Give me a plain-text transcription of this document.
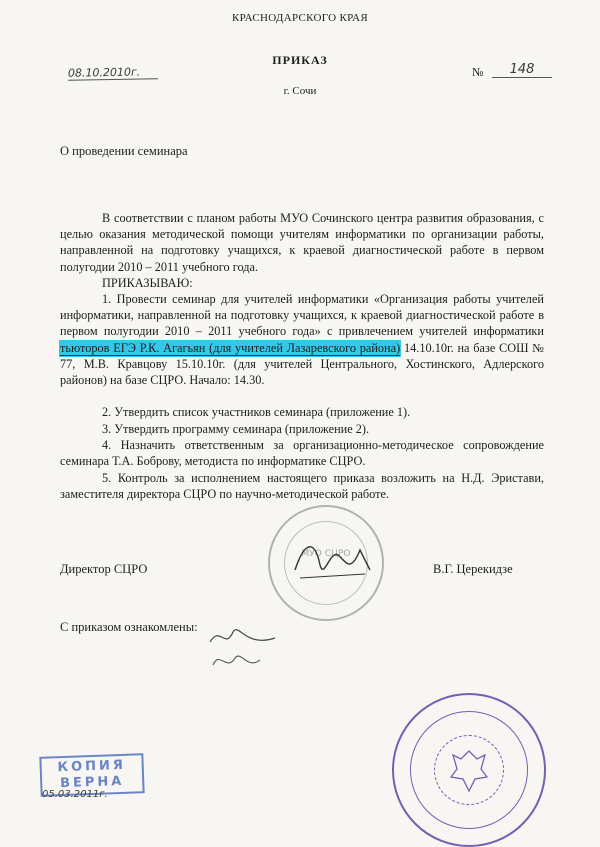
КРАСНОДАРСКОГО КРАЯ
ПРИКАЗ
08.10.2010г.	№	148
г. Сочи
О проведении семинара
В соответствии с планом работы МУО Сочинского центра развития образования, с целью оказания методической помощи учителям информатики по организации работы, направленной на подготовку учащихся, к краевой диагностической работе в первом полугодии 2010 – 2011 учебного года.
ПРИКАЗЫВАЮ:
1. Провести семинар для учителей информатики «Организация работы учителей информатики, направленной на подготовку учащихся, к краевой диагностической работе в первом полугодии 2010 – 2011 учебного года» с привлечением учителей информатики тьюторов ЕГЭ Р.К. Агагьян (для учителей Лазаревского района) 14.10.10г. на базе СОШ № 77, М.В. Кравцову 15.10.10г. (для учителей Центрального, Хостинского, Адлерского районов) на базе СЦРО. Начало: 14.30.
2. Утвердить список участников семинара (приложение 1).
3. Утвердить программу семинара (приложение 2).
4. Назначить ответственным за организационно-методическое сопровождение семинара Т.А. Боброву, методиста по информатике СЦРО.
5. Контроль за исполнением настоящего приказа возложить на Н.Д. Эристави, заместителя директора СЦРО по научно-методической работе.
МУО СЦРО
Директор СЦРО	В.Г. Церекидзе
С приказом ознакомлены:
КОПИЯ
ВЕРНА
05.03.2011г.
